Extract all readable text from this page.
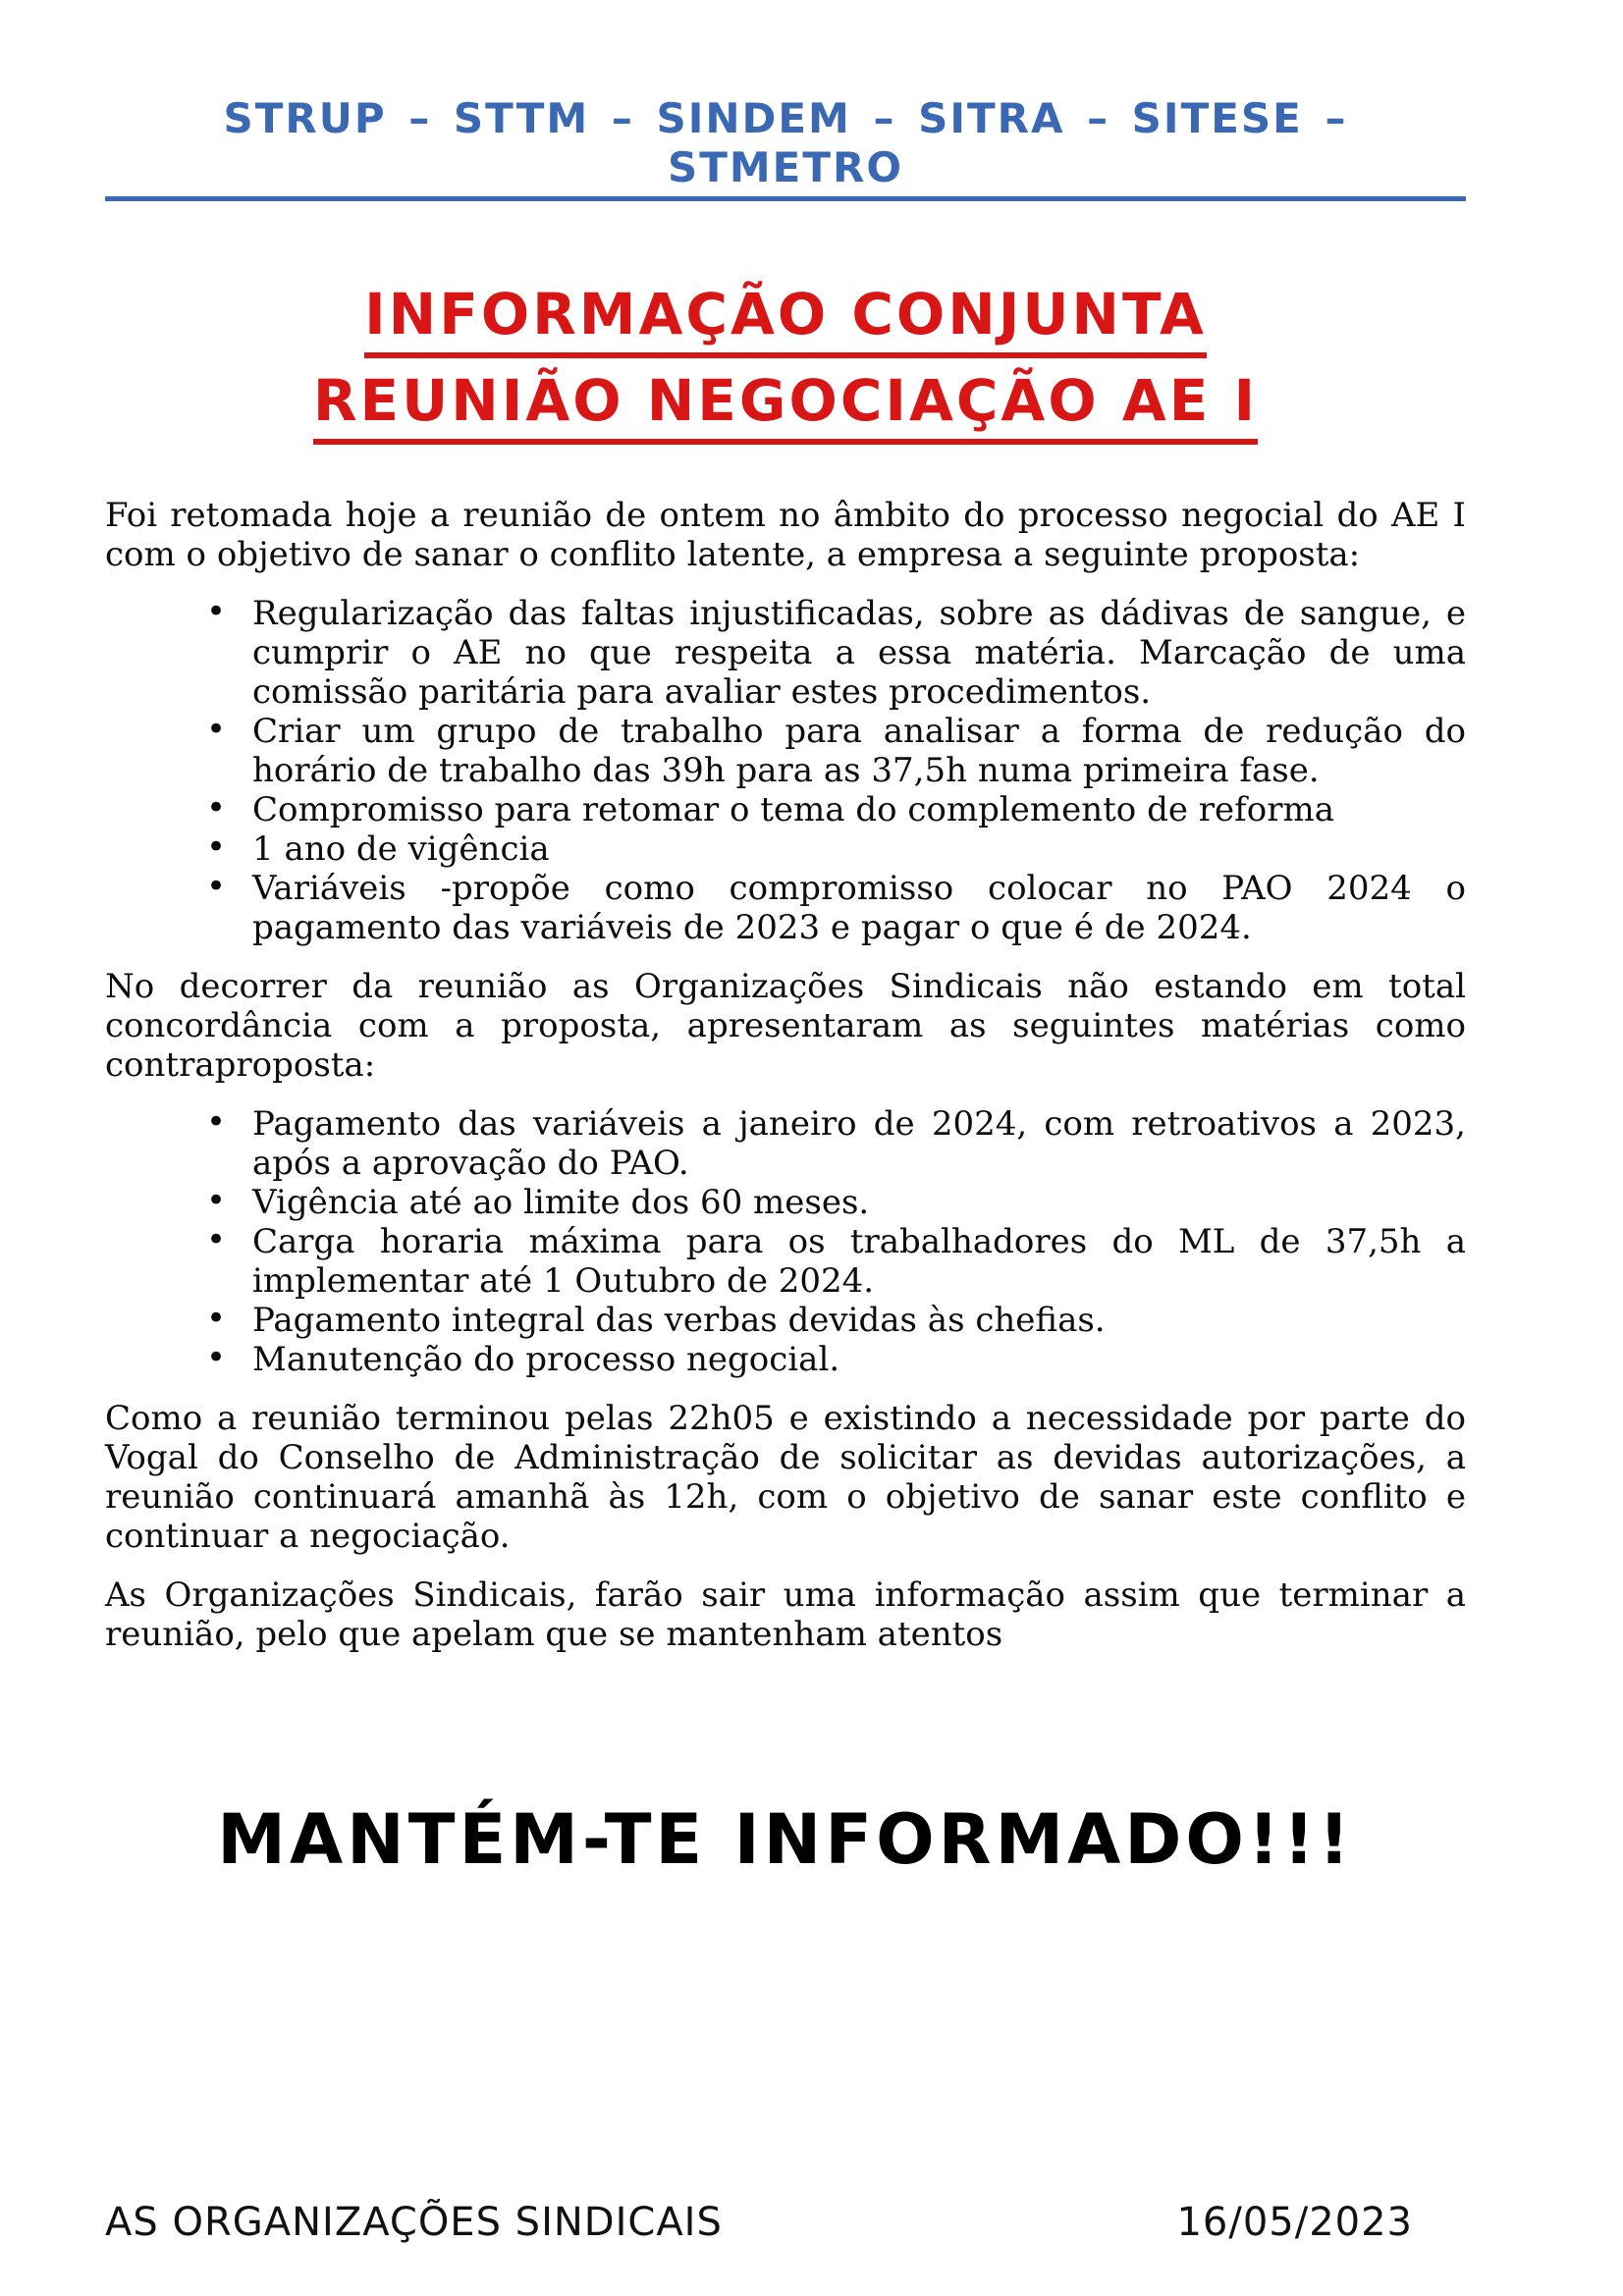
STRUP – STTM – SINDEM – SITRA – SITESE – STMETRO
INFORMAÇÃO CONJUNTA
REUNIÃO NEGOCIAÇÃO AE I

Foi retomada hoje a reunião de ontem no âmbito do processo negocial do AE I com o objetivo de sanar o conflito latente, a empresa a seguinte proposta:

• Regularização das faltas injustificadas, sobre as dádivas de sangue, e cumprir o AE no que respeita a essa matéria. Marcação de uma comissão paritária para avaliar estes procedimentos.
• Criar um grupo de trabalho para analisar a forma de redução do horário de trabalho das 39h para as 37,5h numa primeira fase.
• Compromisso para retomar o tema do complemento de reforma
• 1 ano de vigência
• Variáveis -propõe como compromisso colocar no PAO 2024 o pagamento das variáveis de 2023 e pagar o que é de 2024.

No decorrer da reunião as Organizações Sindicais não estando em total concordância com a proposta, apresentaram as seguintes matérias como contraproposta:

• Pagamento das variáveis a janeiro de 2024, com retroativos a 2023, após a aprovação do PAO.
• Vigência até ao limite dos 60 meses.
• Carga horaria máxima para os trabalhadores do ML de 37,5h a implementar até 1 Outubro de 2024.
• Pagamento integral das verbas devidas às chefias.
• Manutenção do processo negocial.

Como a reunião terminou pelas 22h05 e existindo a necessidade por parte do Vogal do Conselho de Administração de solicitar as devidas autorizações, a reunião continuará amanhã às 12h, com o objetivo de sanar este conflito e continuar a negociação.

As Organizações Sindicais, farão sair uma informação assim que terminar a reunião, pelo que apelam que se mantenham atentos

MANTÉM-TE INFORMADO!!!
AS ORGANIZAÇÕES SINDICAIS	16/05/2023
